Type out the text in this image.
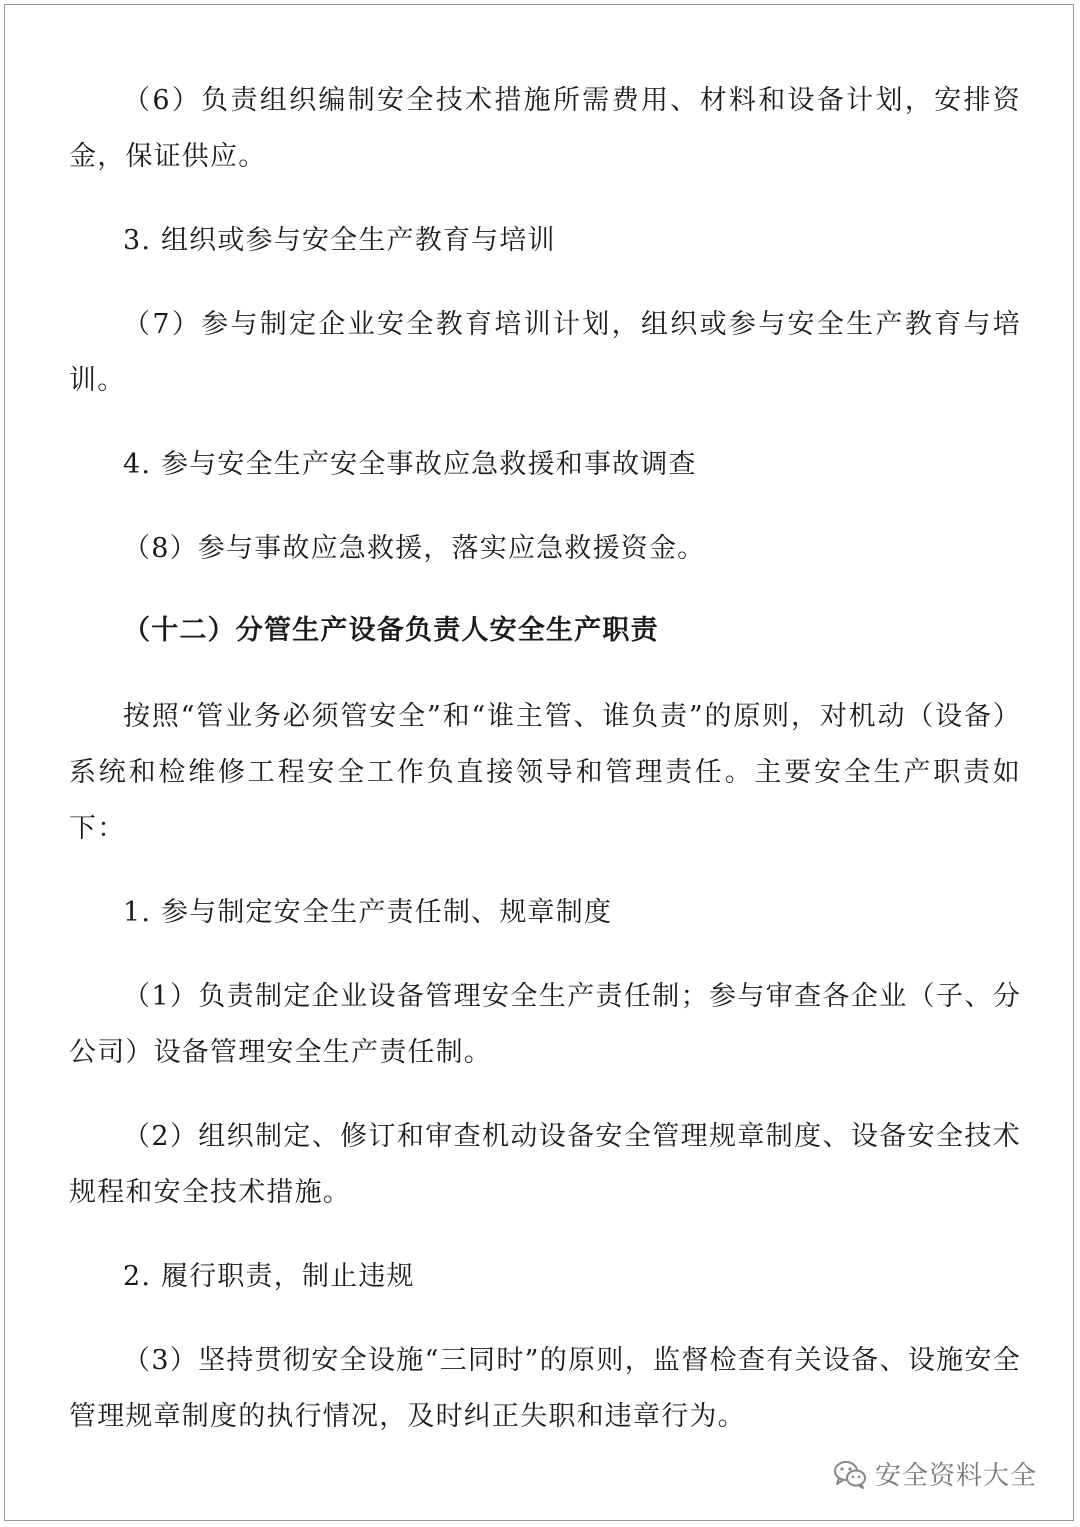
（6）负责组织编制安全技术措施所需费用、材料和设备计划，安排资金，保证供应。

3. 组织或参与安全生产教育与培训

（7）参与制定企业安全教育培训计划，组织或参与安全生产教育与培训。

4. 参与安全生产安全事故应急救援和事故调查

（8）参与事故应急救援，落实应急救援资金。

（十二）分管生产设备负责人安全生产职责

按照“管业务必须管安全”和“谁主管、谁负责”的原则，对机动（设备）系统和检维修工程安全工作负直接领导和管理责任。主要安全生产职责如下：

1. 参与制定安全生产责任制、规章制度

（1）负责制定企业设备管理安全生产责任制；参与审查各企业（子、分公司）设备管理安全生产责任制。

（2）组织制定、修订和审查机动设备安全管理规章制度、设备安全技术规程和安全技术措施。

2. 履行职责，制止违规

（3）坚持贯彻安全设施“三同时”的原则，监督检查有关设备、设施安全管理规章制度的执行情况，及时纠正失职和违章行为。

安全资料大全
